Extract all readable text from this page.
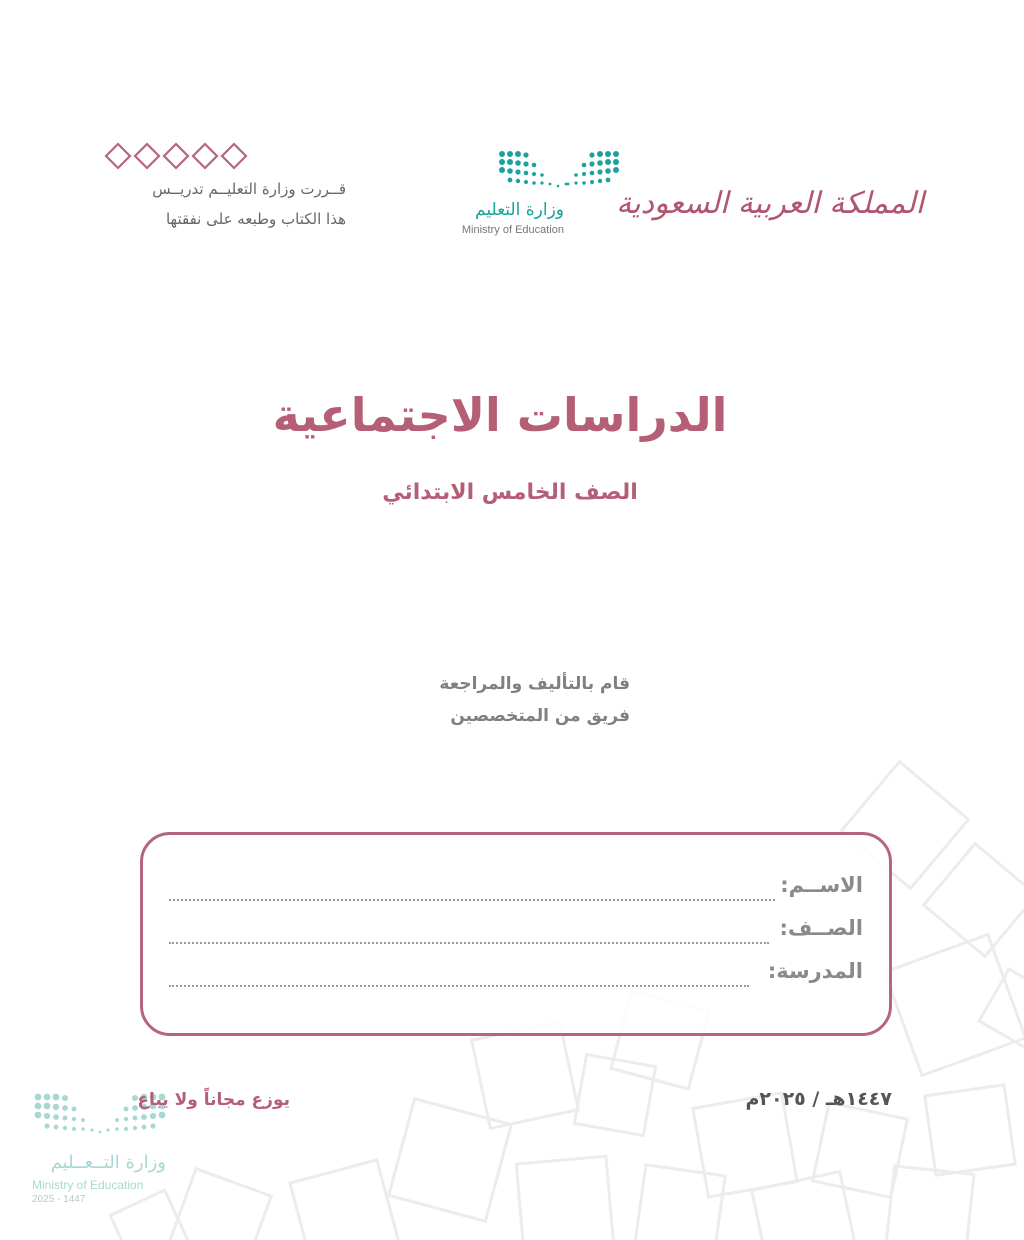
المملكة العربية السعودية
وزارة التعليم
Ministry of Education
قــررت وزارة التعليــم تدريــس
هذا الكتاب وطبعه على نفقتها
الدراسات الاجتماعية
الصف الخامس الابتدائي
قام بالتأليف والمراجعة
فريق من المتخصصين
الاســم:
الصــف:
المدرسة:
وزارة التــعــليم
Ministry of Education
2025 - 1447
يوزع مجاناً ولا يباع	١٤٤٧هـ / ٢٠٢٥م
